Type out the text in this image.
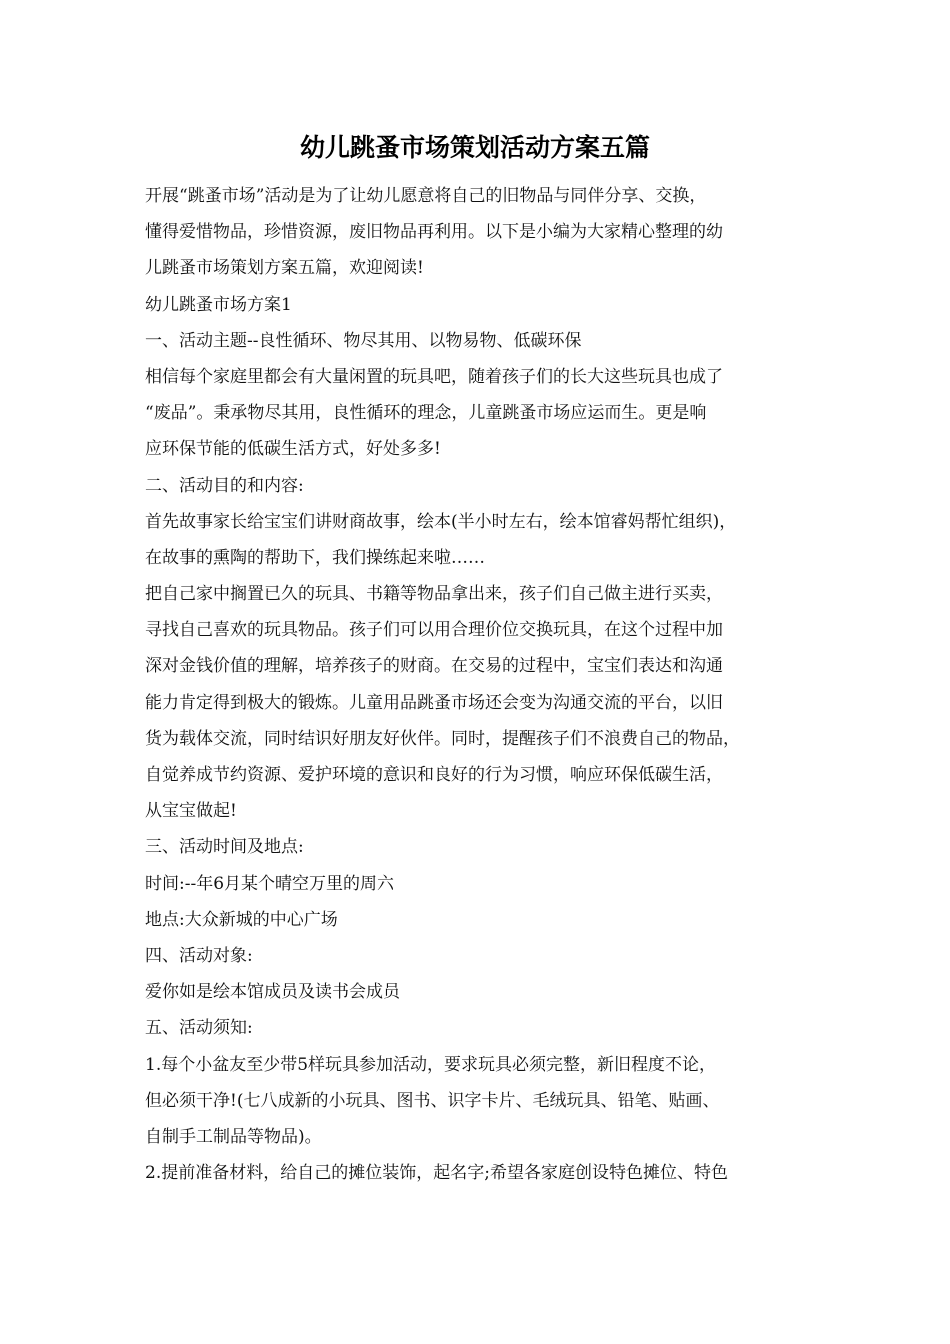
幼儿跳蚤市场策划活动方案五篇
开展“跳蚤市场”活动是为了让幼儿愿意将自己的旧物品与同伴分享、交换，
懂得爱惜物品，珍惜资源，废旧物品再利用。以下是小编为大家精心整理的幼
儿跳蚤市场策划方案五篇，欢迎阅读!
幼儿跳蚤市场方案1
一、活动主题--良性循环、物尽其用、以物易物、低碳环保
相信每个家庭里都会有大量闲置的玩具吧，随着孩子们的长大这些玩具也成了
“废品”。秉承物尽其用，良性循环的理念，儿童跳蚤市场应运而生。更是响
应环保节能的低碳生活方式，好处多多!
二、活动目的和内容:
首先故事家长给宝宝们讲财商故事，绘本(半小时左右，绘本馆睿妈帮忙组织)，
在故事的熏陶的帮助下，我们操练起来啦……
把自己家中搁置已久的玩具、书籍等物品拿出来，孩子们自己做主进行买卖，
寻找自己喜欢的玩具物品。孩子们可以用合理价位交换玩具，在这个过程中加
深对金钱价值的理解，培养孩子的财商。在交易的过程中，宝宝们表达和沟通
能力肯定得到极大的锻炼。儿童用品跳蚤市场还会变为沟通交流的平台，以旧
货为载体交流，同时结识好朋友好伙伴。同时，提醒孩子们不浪费自己的物品，
自觉养成节约资源、爱护环境的意识和良好的行为习惯，响应环保低碳生活，
从宝宝做起!
三、活动时间及地点:
时间:--年6月某个晴空万里的周六
地点:大众新城的中心广场
四、活动对象:
爱你如是绘本馆成员及读书会成员
五、活动须知:
1.每个小盆友至少带5样玩具参加活动，要求玩具必须完整，新旧程度不论，
但必须干净!(七八成新的小玩具、图书、识字卡片、毛绒玩具、铅笔、贴画、
自制手工制品等物品)。
2.提前准备材料，给自己的摊位装饰，起名字;希望各家庭创设特色摊位、特色
